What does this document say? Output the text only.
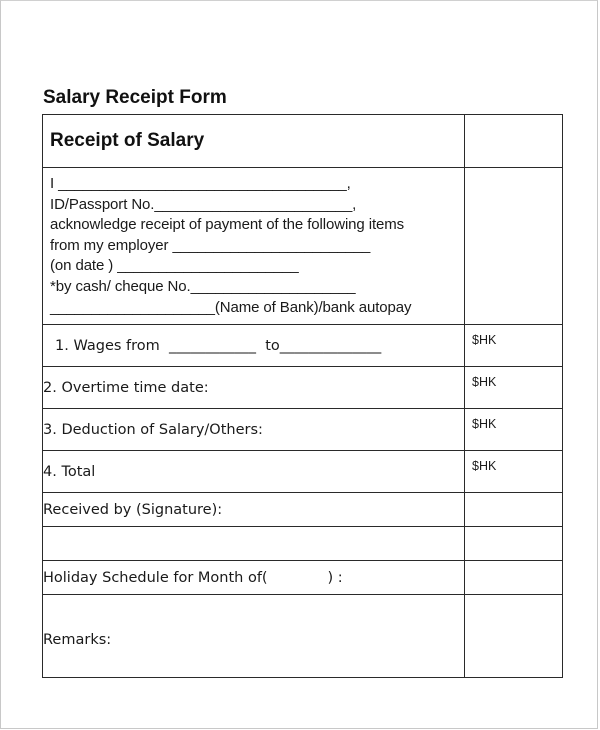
Salary Receipt Form
Receipt of Salary	

I ___________________________________,
ID/Passport No.________________________,
acknowledge receipt of payment of the following items
from my employer ________________________
(on date ) ______________________
*by cash/ cheque No.____________________
____________________(Name of Bank)/bank autopay

1. Wages from  ____________  to______________	$HK
2. Overtime time date:	$HK
3. Deduction of Salary/Others:	$HK
4. Total	$HK
Received by (Signature):	

Holiday Schedule for Month of(             ) :	
Remarks:	
